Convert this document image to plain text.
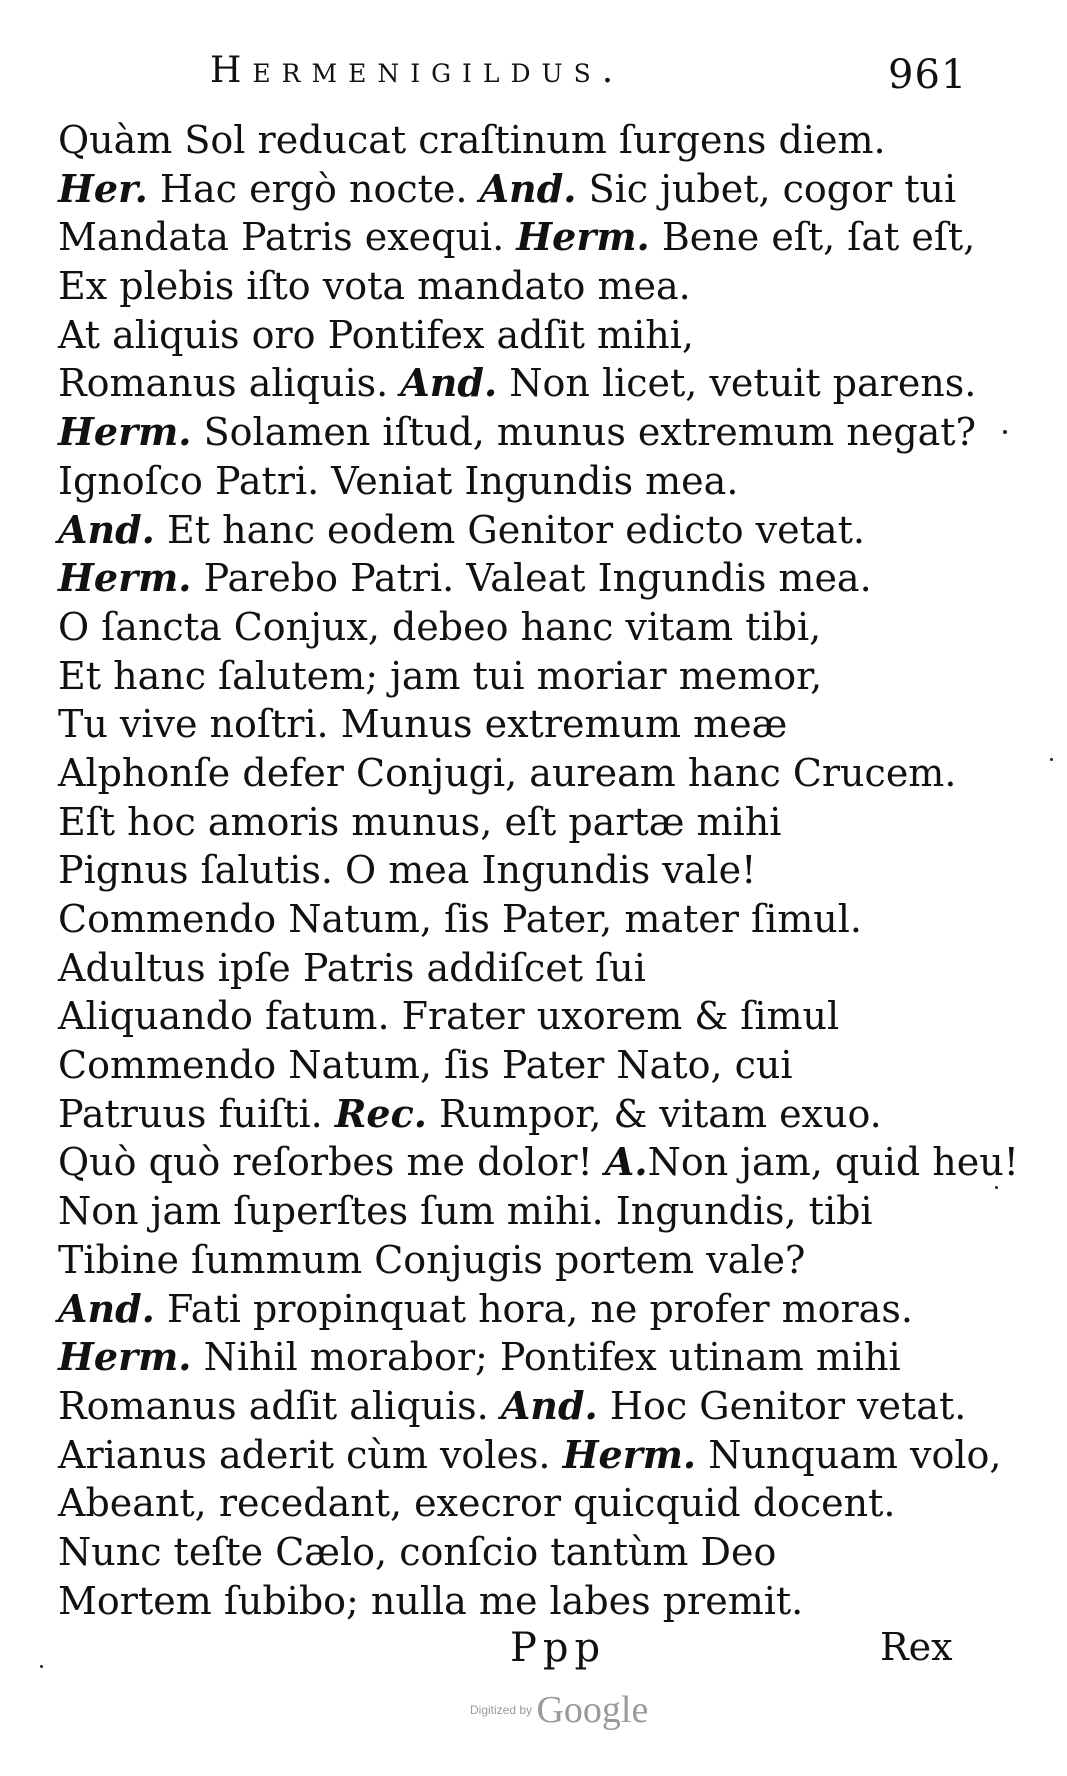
Hermenigildus.	961
Quàm Sol reducat craſtinum ſurgens diem.
Her. Hac ergò nocte. And. Sic jubet, cogor tui
Mandata Patris exequi. Herm. Bene eſt, ſat eſt,
Ex plebis iſto vota mandato mea.
At aliquis oro Pontifex adſit mihi,
Romanus aliquis. And. Non licet, vetuit parens.
Herm. Solamen iſtud, munus extremum negat?
Ignoſco Patri. Veniat Ingundis mea.
And. Et hanc eodem Genitor edicto vetat.
Herm. Parebo Patri. Valeat Ingundis mea.
O ſancta Conjux, debeo hanc vitam tibi,
Et hanc ſalutem; jam tui moriar memor,
Tu vive noſtri. Munus extremum meæ
Alphonſe defer Conjugi, auream hanc Crucem.
Eſt hoc amoris munus, eſt partæ mihi
Pignus ſalutis. O mea Ingundis vale!
Commendo Natum, ſis Pater, mater ſimul.
Adultus ipſe Patris addiſcet ſui
Aliquando fatum. Frater uxorem & ſimul
Commendo Natum, ſis Pater Nato, cui
Patruus fuiſti. Rec. Rumpor, & vitam exuo.
Quò quò reſorbes me dolor! A.Non jam, quid heu!
Non jam ſuperſtes ſum mihi. Ingundis, tibi
Tibine ſummum Conjugis portem vale?
And. Fati propinquat hora, ne profer moras.
Herm. Nihil morabor; Pontifex utinam mihi
Romanus adſit aliquis. And. Hoc Genitor vetat.
Arianus aderit cùm voles. Herm. Nunquam volo,
Abeant, recedant, execror quicquid docent.
Nunc teſte Cælo, conſcio tantùm Deo
Mortem ſubibo; nulla me labes premit.
Ppp	Rex
Digitized by Google
